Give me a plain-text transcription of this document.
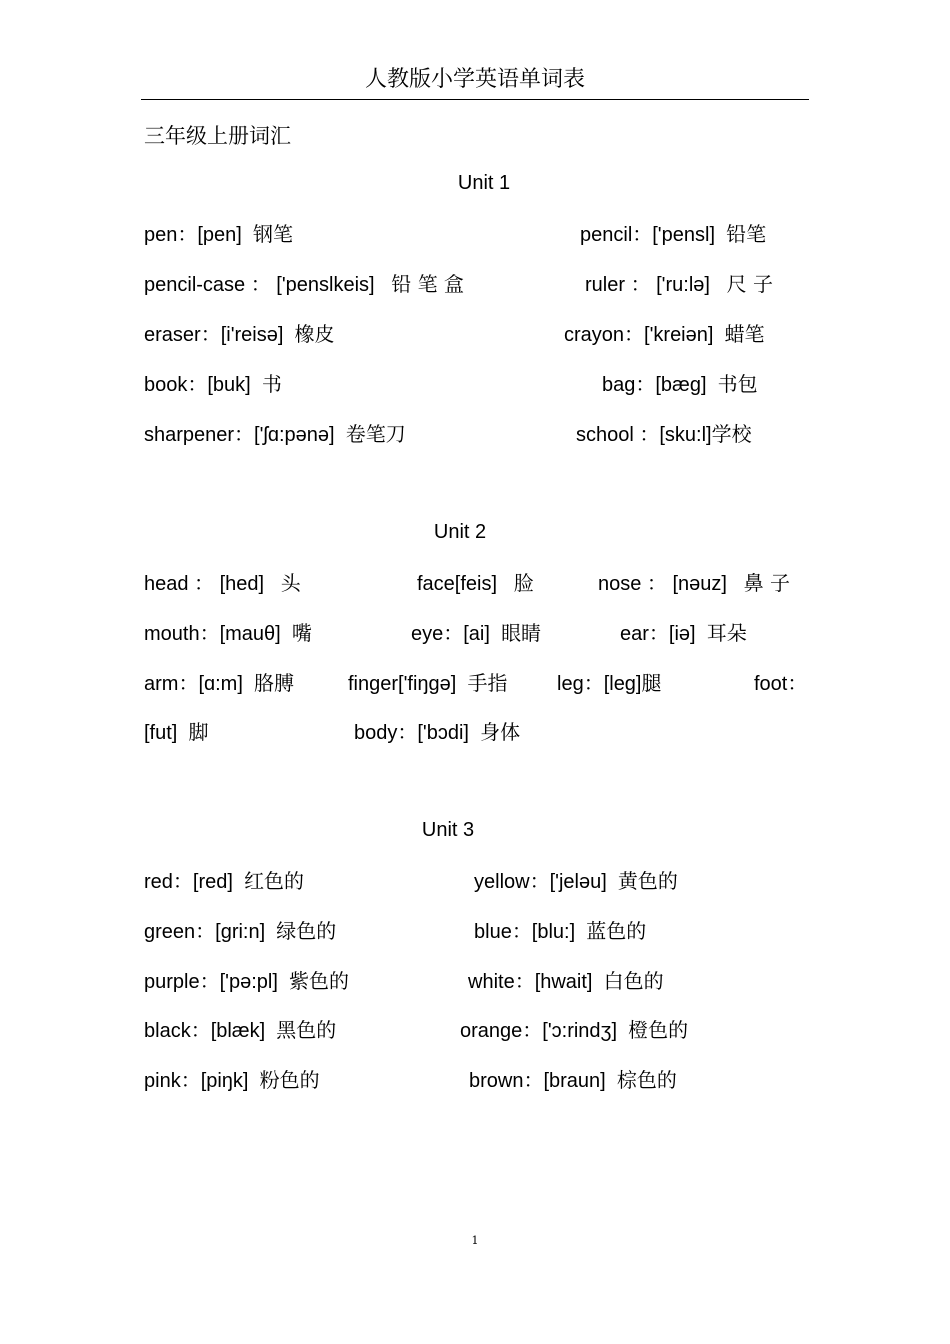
人教版小学英语单词表
三年级上册词汇
Unit 1
pen：[pen] 钢笔	pencil：['pensl] 铅笔
pencil-case ： ['penslkeis] 铅 笔 盒	ruler ： ['ru:lə] 尺 子
eraser：[i'reisə] 橡皮	crayon：['kreiən] 蜡笔
book：[buk] 书	bag：[bæg] 书包
sharpener：['ʃɑ:pənə] 卷笔刀	school ：[sku:l]学校
Unit 2
head ： [hed] 头	face[feis] 脸	nose ： [nəuz] 鼻 子
mouth：[mauθ] 嘴	eye：[ai] 眼睛	ear：[iə] 耳朵
arm：[ɑ:m] 胳膊	finger['fiŋgə] 手指 leg：[leg]腿	foot：
[fut] 脚	body：['bɔdi] 身体
Unit 3
red：[red] 红色的	yellow：['jeləu] 黄色的
green：[gri:n] 绿色的	blue：[blu:] 蓝色的
purple：['pə:pl] 紫色的	white：[hwait] 白色的
black：[blæk] 黑色的	orange：['ɔ:rindʒ] 橙色的
pink：[piŋk] 粉色的	brown：[braun] 棕色的
1
